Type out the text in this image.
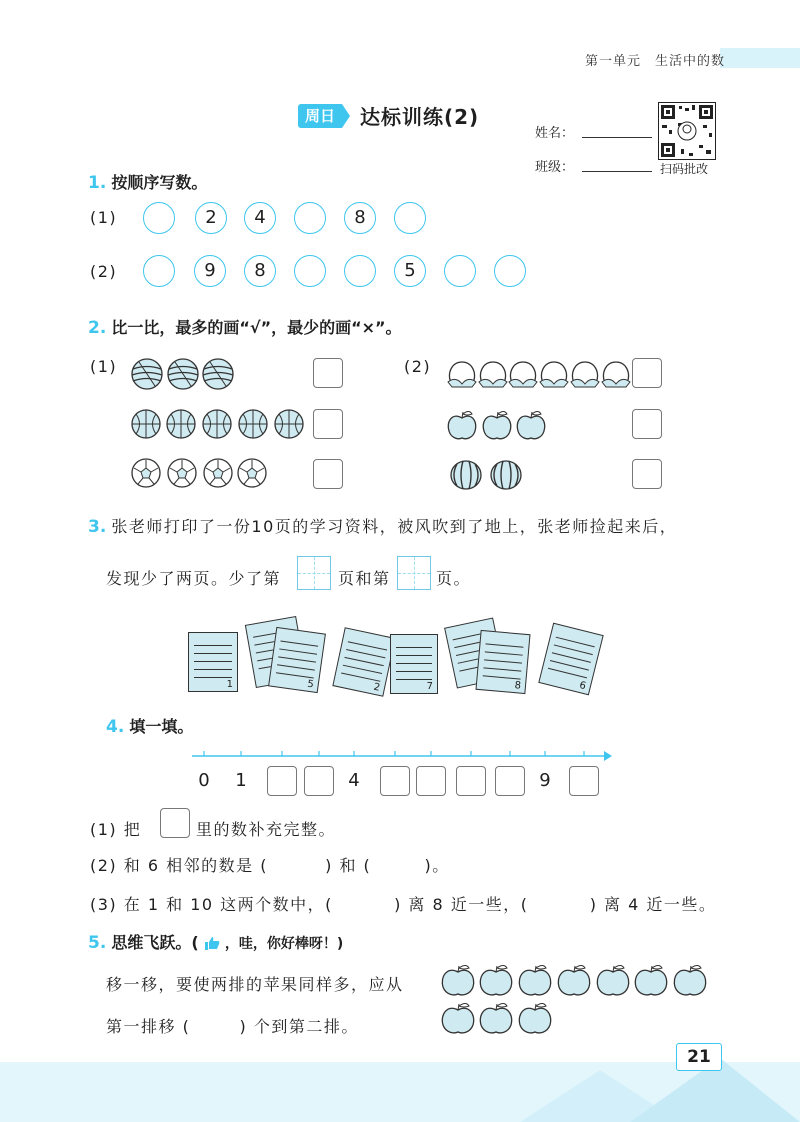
第一单元　生活中的数
周日	达标训练(2)
姓名：
班级：	扫码批改
1. 按顺序写数。
(1)	2	4	8
(2)	9	8	5
2. 比一比，最多的画“√”，最少的画“×”。
(1)	(2)
3. 张老师打印了一份10页的学习资料，被风吹到了地上，张老师捡起来后，
发现少了两页。少了第	页和第	页。
1	5	2	7	8	6
4. 填一填。
0	1	4	9
(1) 把	里的数补充完整。
(2) 和 6 相邻的数是 (	) 和 (	)。
(3) 在 1 和 10 这两个数中，(	) 离 8 近一些，(	) 离 4 近一些。
5. 思维飞跃。( ，哇，你好棒呀！)
移一移，要使两排的苹果同样多，应从
第一排移 (	) 个到第二排。
21
